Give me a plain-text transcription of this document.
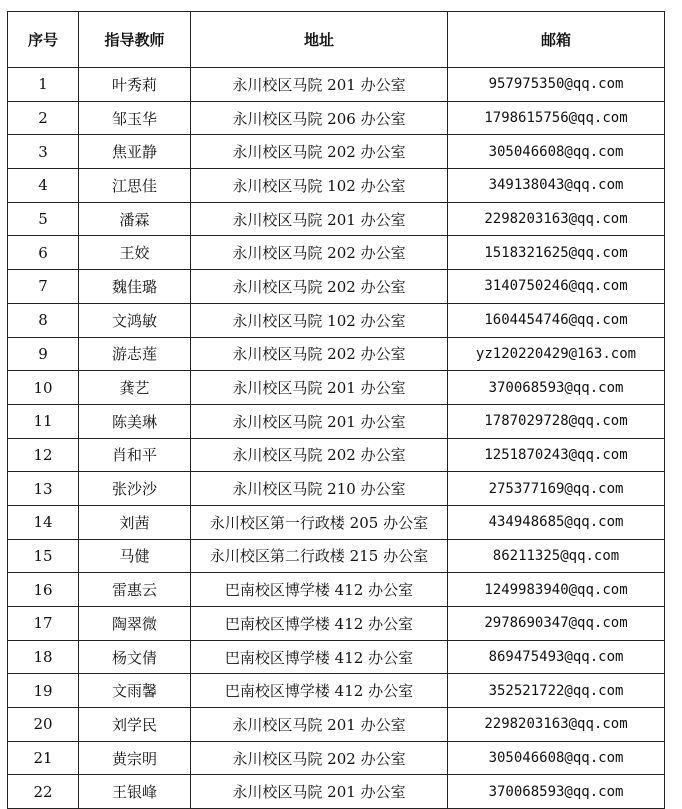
序号	指导教师	地址	邮箱
1	叶秀莉	永川校区马院 201 办公室	957975350@qq.com
2	邹玉华	永川校区马院 206 办公室	1798615756@qq.com
3	焦亚静	永川校区马院 202 办公室	305046608@qq.com
4	江思佳	永川校区马院 102 办公室	349138043@qq.com
5	潘霖	永川校区马院 201 办公室	2298203163@qq.com
6	王姣	永川校区马院 202 办公室	1518321625@qq.com
7	魏佳璐	永川校区马院 202 办公室	3140750246@qq.com
8	文鸿敏	永川校区马院 102 办公室	1604454746@qq.com
9	游志莲	永川校区马院 202 办公室	yz120220429@163.com
10	龚艺	永川校区马院 201 办公室	370068593@qq.com
11	陈美琳	永川校区马院 201 办公室	1787029728@qq.com
12	肖和平	永川校区马院 202 办公室	1251870243@qq.com
13	张沙沙	永川校区马院 210 办公室	275377169@qq.com
14	刘茜	永川校区第一行政楼 205 办公室	434948685@qq.com
15	马健	永川校区第二行政楼 215 办公室	86211325@qq.com
16	雷惠云	巴南校区博学楼 412 办公室	1249983940@qq.com
17	陶翠微	巴南校区博学楼 412 办公室	2978690347@qq.com
18	杨文倩	巴南校区博学楼 412 办公室	869475493@qq.com
19	文雨馨	巴南校区博学楼 412 办公室	352521722@qq.com
20	刘学民	永川校区马院 201 办公室	2298203163@qq.com
21	黄宗明	永川校区马院 202 办公室	305046608@qq.com
22	王银峰	永川校区马院 201 办公室	370068593@qq.com
